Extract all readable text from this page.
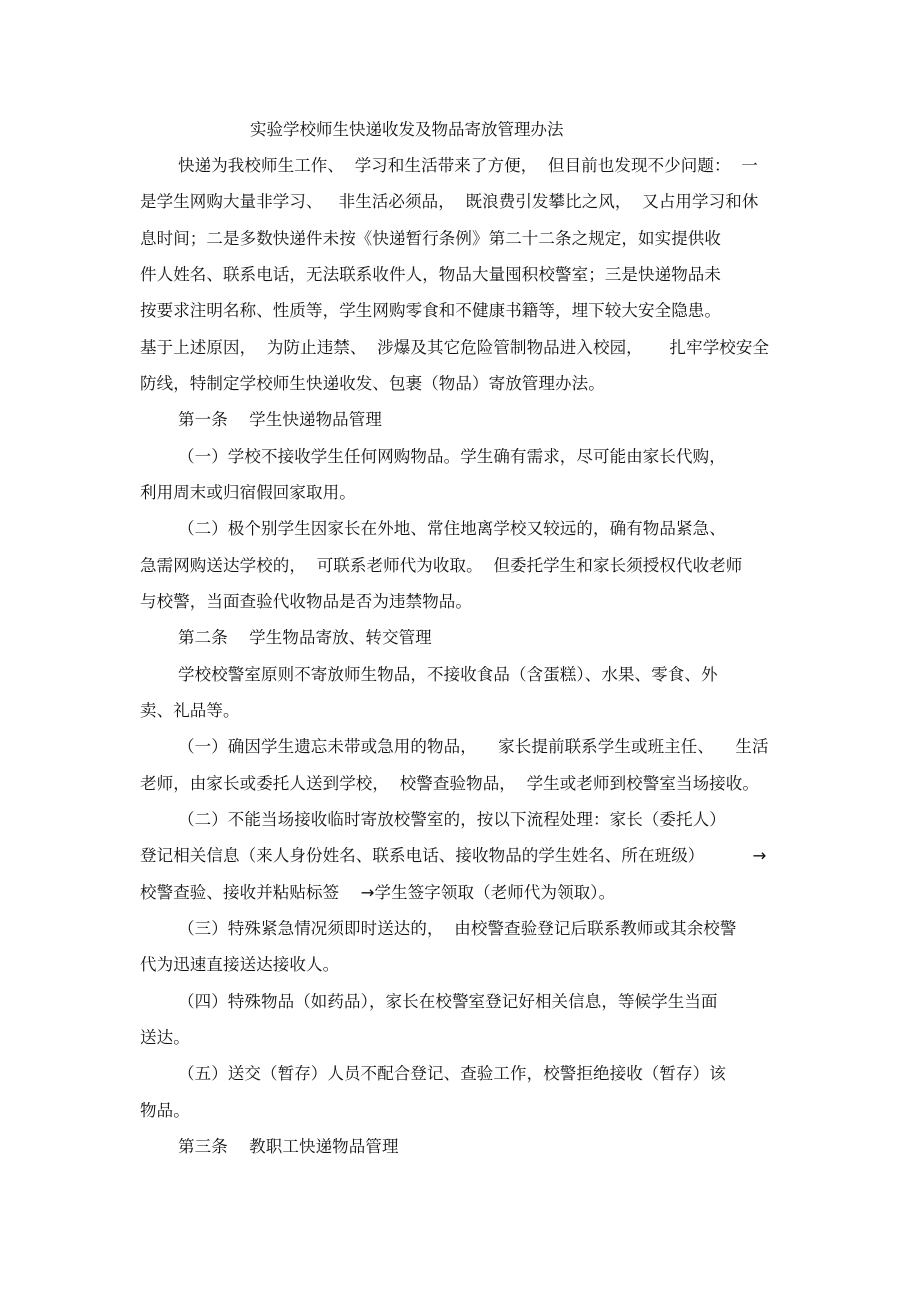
实验学校师生快递收发及物品寄放管理办法
快递为我校师生工作、  学习和生活带来了方便，  但目前也发现不少问题：  一
是学生网购大量非学习、   非生活必须品，  既浪费引发攀比之风，  又占用学习和休
息时间；二是多数快递件未按《快递暂行条例》第二十二条之规定，如实提供收
件人姓名、联系电话，无法联系收件人，物品大量囤积校警室；三是快递物品未
按要求注明名称、性质等，学生网购零食和不健康书籍等，埋下较大安全隐患。
基于上述原因，  为防止违禁、  涉爆及其它危险管制物品进入校园，     扎牢学校安全
防线，特制定学校师生快递收发、包裹（物品）寄放管理办法。
第一条    学生快递物品管理
（一）学校不接收学生任何网购物品。学生确有需求，尽可能由家长代购，
利用周末或归宿假回家取用。
（二）极个别学生因家长在外地、常住地离学校又较远的，确有物品紧急、
急需网购送达学校的，  可联系老师代为收取。  但委托学生和家长须授权代收老师
与校警，当面查验代收物品是否为违禁物品。
第二条    学生物品寄放、转交管理
学校校警室原则不寄放师生物品，不接收食品（含蛋糕）、水果、零食、外
卖、礼品等。
（一）确因学生遗忘未带或急用的物品，    家长提前联系学生或班主任、    生活
老师，由家长或委托人送到学校，  校警查验物品，  学生或老师到校警室当场接收。
（二）不能当场接收临时寄放校警室的，按以下流程处理：家长（委托人）
登记相关信息（来人身份姓名、联系电话、接收物品的学生姓名、所在班级）         →
校警查验、接收并粘贴标签    →学生签字领取（老师代为领取）。
（三）特殊紧急情况须即时送达的，  由校警查验登记后联系教师或其余校警
代为迅速直接送达接收人。
（四）特殊物品（如药品），家长在校警室登记好相关信息，等候学生当面
送达。
（五）送交（暂存）人员不配合登记、查验工作，校警拒绝接收（暂存）该
物品。
第三条    教职工快递物品管理
